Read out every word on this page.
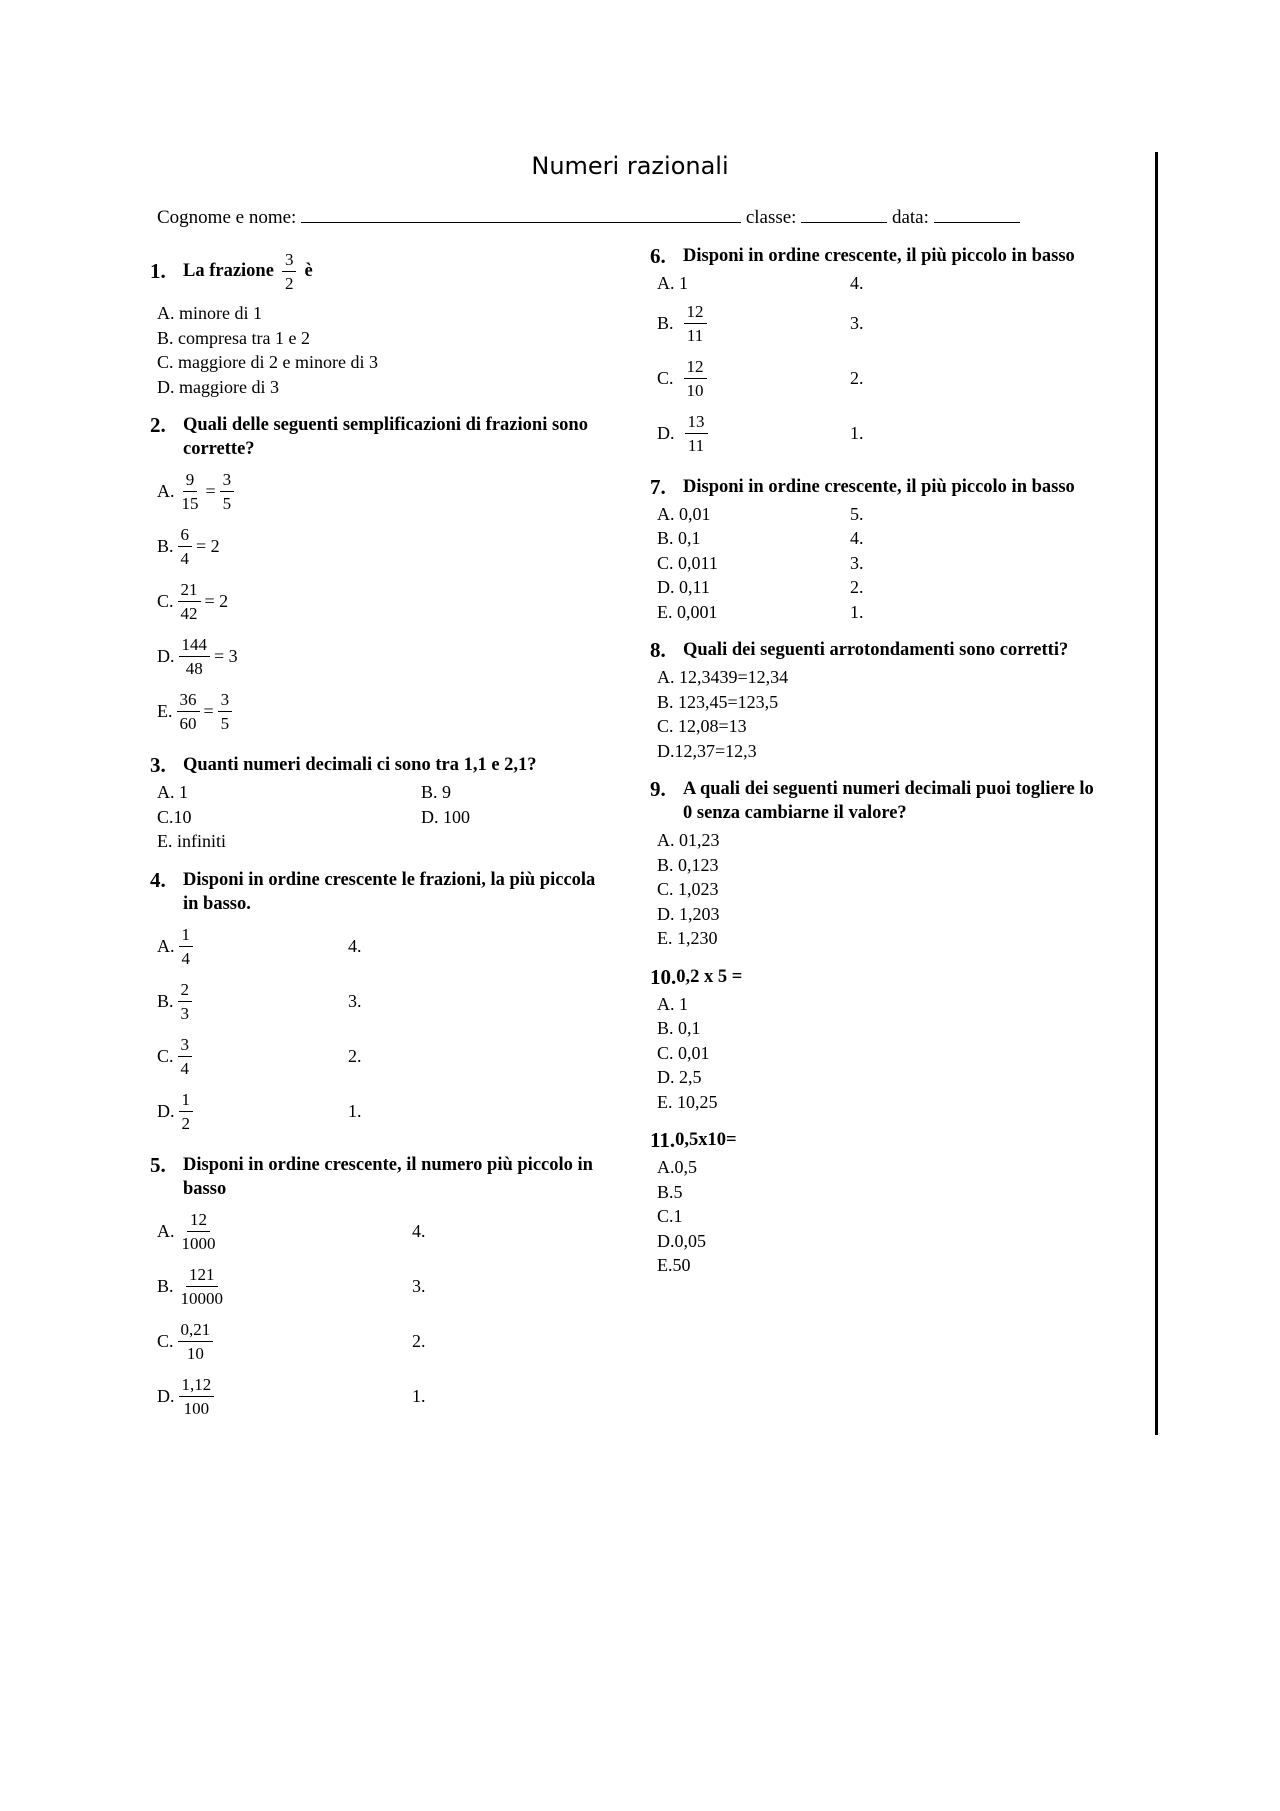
Numeri razionali
Cognome e nome:	classe:	data:
1. La frazione $\frac{3}{2}$ è
A. minore di 1
B. compresa tra 1 e 2
C. maggiore di 2 e minore di 3
D. maggiore di 3
2. Quali delle seguenti semplificazioni di frazioni sono corrette?
A. $\frac{9}{15} = \frac{3}{5}$
B. $\frac{6}{4} = 2$
C. $\frac{21}{42} = 2$
D. $\frac{144}{48} = 3$
E. $\frac{36}{60} = \frac{3}{5}$
3. Quanti numeri decimali ci sono tra 1,1 e 2,1?
A. 1	B. 9
C.10	D. 100
E. infiniti
4. Disponi in ordine crescente le frazioni, la più piccola in basso.
A. $\frac{1}{4}$	4.
B. $\frac{2}{3}$	3.
C. $\frac{3}{4}$	2.
D. $\frac{1}{2}$	1.
5. Disponi in ordine crescente, il numero più piccolo in basso
A. $\frac{12}{1000}$	4.
B. $\frac{121}{10000}$	3.
C. $\frac{0,21}{10}$	2.
D. $\frac{1,12}{100}$	1.
6. Disponi in ordine crescente, il più piccolo in basso
A. 1	4.
B. $\frac{12}{11}$	3.
C. $\frac{12}{10}$	2.
D. $\frac{13}{11}$	1.
7. Disponi in ordine crescente, il più piccolo in basso
A. 0,01	5.
B. 0,1	4.
C. 0,011	3.
D. 0,11	2.
E. 0,001	1.
8. Quali dei seguenti arrotondamenti sono corretti?
A. 12,3439=12,34
B. 123,45=123,5
C. 12,08=13
D.12,37=12,3
9. A quali dei seguenti numeri decimali puoi togliere lo 0 senza cambiarne il valore?
A. 01,23
B. 0,123
C. 1,023
D. 1,203
E. 1,230
10. 0,2 x 5 =
A. 1
B. 0,1
C. 0,01
D. 2,5
E. 10,25
11. 0,5x10=
A.0,5
B.5
C.1
D.0,05
E.50
